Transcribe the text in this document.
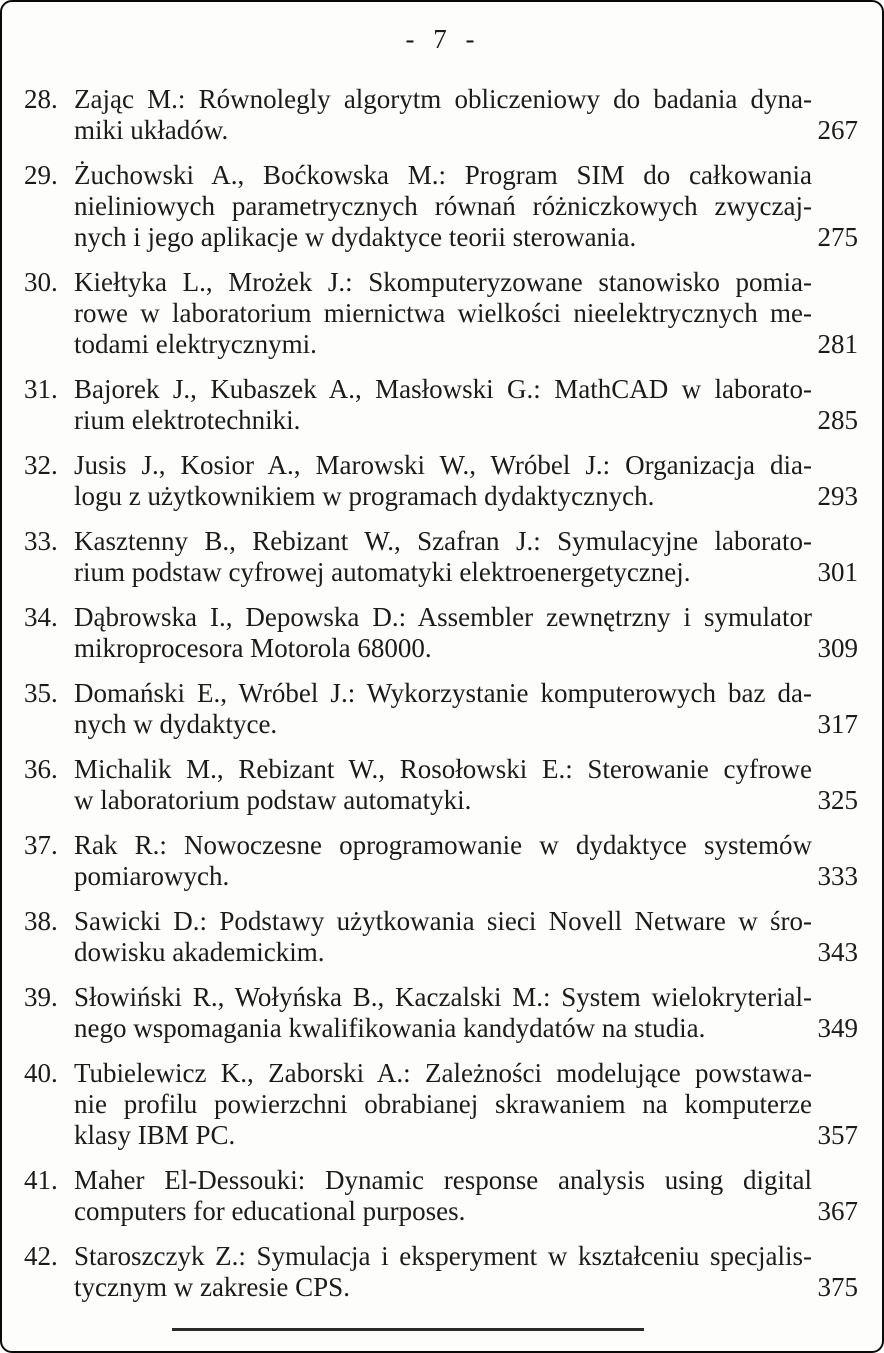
- 7 -
28. Zając M.: Równolegly algorytm obliczeniowy do badania dyna-
miki układów.	267
29. Żuchowski A., Boćkowska M.: Program SIM do całkowania
nieliniowych parametrycznych równań różniczkowych zwyczaj-
nych i jego aplikacje w dydaktyce teorii sterowania.	275
30. Kiełtyka L., Mrożek J.: Skomputeryzowane stanowisko pomia-
rowe w laboratorium miernictwa wielkości nieelektrycznych me-
todami elektrycznymi.	281
31. Bajorek J., Kubaszek A., Masłowski G.: MathCAD w laborato-
rium elektrotechniki.	285
32. Jusis J., Kosior A., Marowski W., Wróbel J.: Organizacja dia-
logu z użytkownikiem w programach dydaktycznych.	293
33. Kasztenny B., Rebizant W., Szafran J.: Symulacyjne laborato-
rium podstaw cyfrowej automatyki elektroenergetycznej.	301
34. Dąbrowska I., Depowska D.: Assembler zewnętrzny i symulator
mikroprocesora Motorola 68000.	309
35. Domański E., Wróbel J.: Wykorzystanie komputerowych baz da-
nych w dydaktyce.	317
36. Michalik M., Rebizant W., Rosołowski E.: Sterowanie cyfrowe
w laboratorium podstaw automatyki.	325
37. Rak R.: Nowoczesne oprogramowanie w dydaktyce systemów
pomiarowych.	333
38. Sawicki D.: Podstawy użytkowania sieci Novell Netware w śro-
dowisku akademickim.	343
39. Słowiński R., Wołyńska B., Kaczalski M.: System wielokryterial-
nego wspomagania kwalifikowania kandydatów na studia.	349
40. Tubielewicz K., Zaborski A.: Zależności modelujące powstawa-
nie profilu powierzchni obrabianej skrawaniem na komputerze
klasy IBM PC.	357
41. Maher El-Dessouki: Dynamic response analysis using digital
computers for educational purposes.	367
42. Staroszczyk Z.: Symulacja i eksperyment w kształceniu specjalis-
tycznym w zakresie CPS.	375
